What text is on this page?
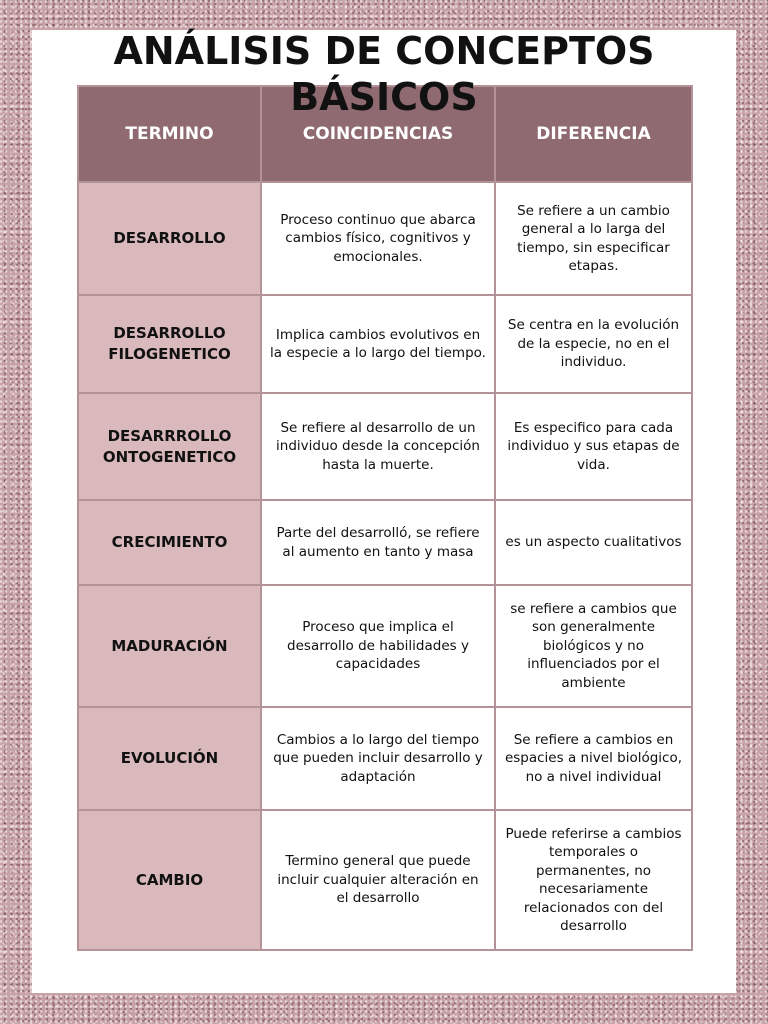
TERMINO	COINCIDENCIAS	DIFERENCIA
DESARROLLO	Proceso continuo que abarca cambios físico, cognitivos y emocionales.	Se refiere a un cambio general a lo larga del tiempo, sin especificar etapas.
DESARROLLO FILOGENETICO	Implica cambios evolutivos en la especie a lo largo del tiempo.	Se centra en la evolución de la especie, no en el individuo.
DESARRROLLO ONTOGENETICO	Se refiere al desarrollo de un individuo desde la concepción hasta la muerte.	Es especifico para cada individuo y sus etapas de vida.
CRECIMIENTO	Parte del desarrolló, se refiere al aumento en tanto y masa	es un aspecto cualitativos
MADURACIÓN	Proceso que implica el desarrollo de habilidades y capacidades	se refiere a cambios que son generalmente biológicos y no influenciados por el ambiente
EVOLUCIÓN	Cambios a lo largo del tiempo que pueden incluir desarrollo y adaptación	Se refiere a cambios en espacies a nivel biológico, no a nivel individual
CAMBIO	Termino general que puede incluir cualquier alteración en el desarrollo	Puede referirse a cambios temporales o permanentes, no necesariamente relacionados con del desarrollo
ANÁLISIS DE CONCEPTOS
BÁSICOS
